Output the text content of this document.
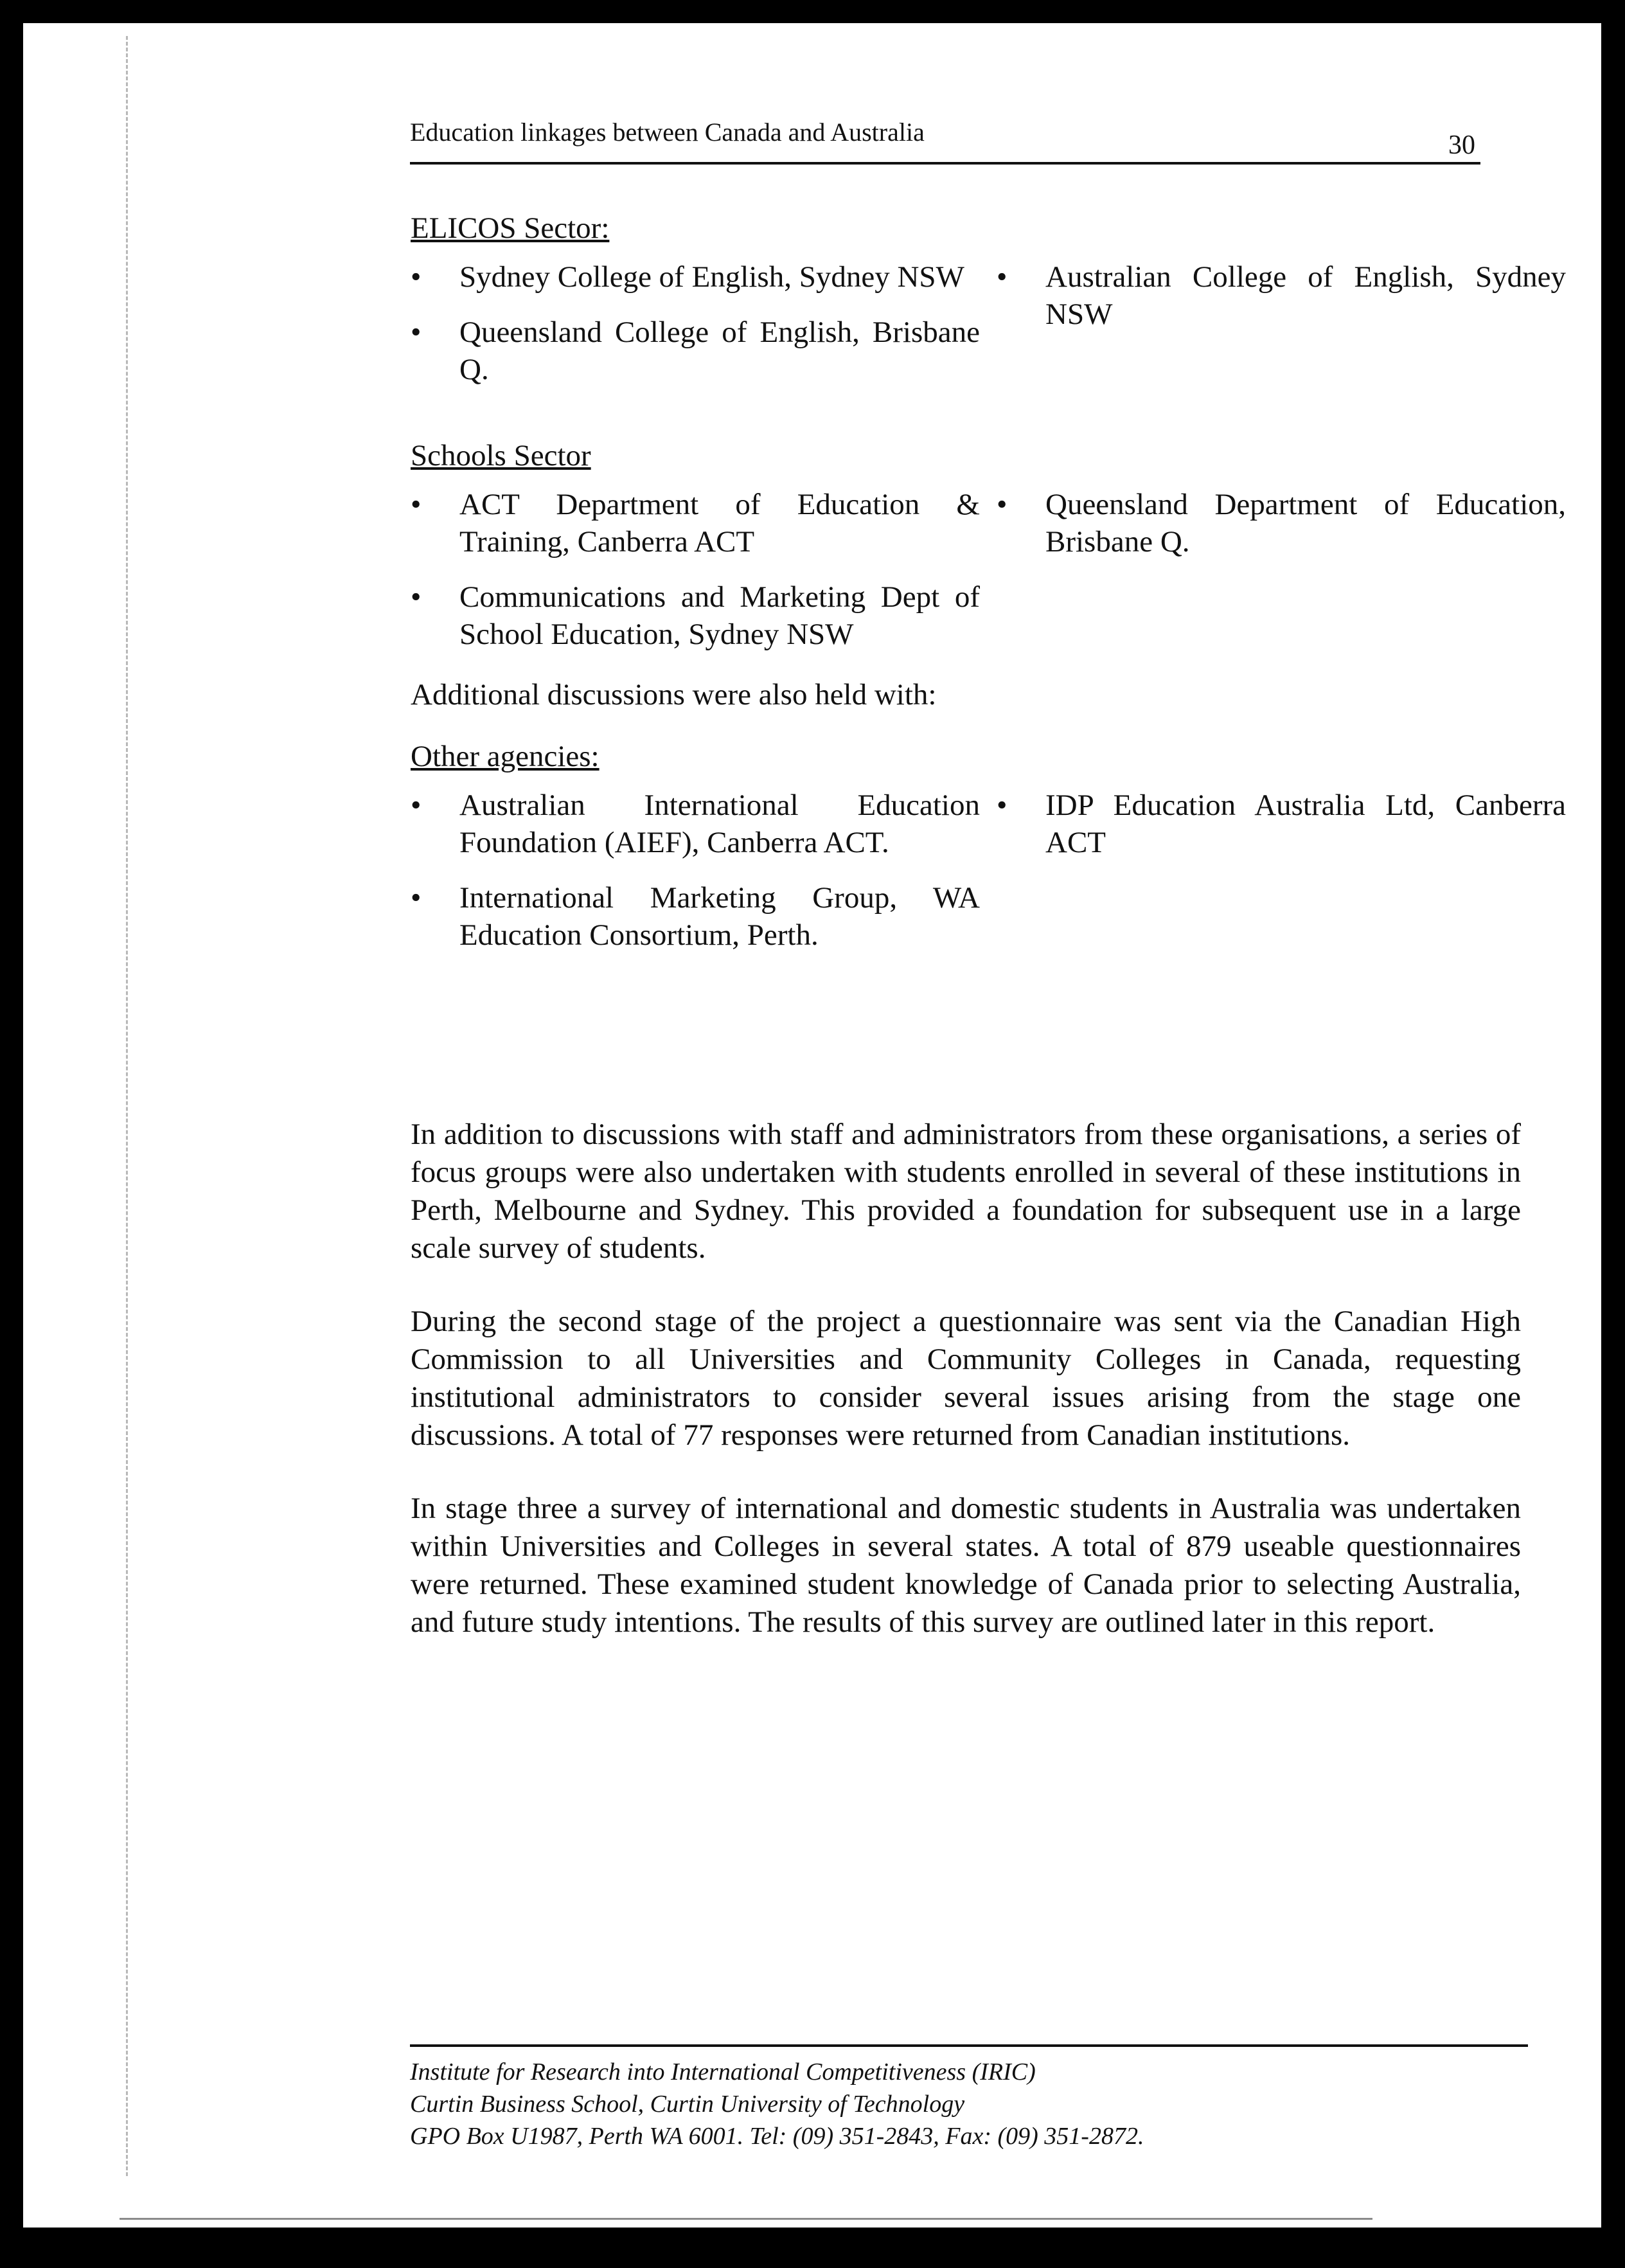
Education linkages between Canada and Australia	30
ELICOS Sector:
•	Sydney College of English, Sydney NSW
•	Queensland College of English, Brisbane Q.
•	Australian College of English, Sydney NSW
Schools Sector
•	ACT Department of Education & Training, Canberra ACT
•	Communications and Marketing Dept of School Education, Sydney NSW
•	Queensland Department of Education, Brisbane Q.
Additional discussions were also held with:
Other agencies:
•	Australian International Education Foundation (AIEF), Canberra ACT.
•	International Marketing Group, WA Education Consortium, Perth.
•	IDP Education Australia Ltd, Canberra ACT

In addition to discussions with staff and administrators from these organisations, a series of focus groups were also undertaken with students enrolled in several of these institutions in Perth, Melbourne and Sydney. This provided a foundation for subsequent use in a large scale survey of students.

During the second stage of the project a questionnaire was sent via the Canadian High Commission to all Universities and Community Colleges in Canada, requesting institutional administrators to consider several issues arising from the stage one discussions. A total of 77 responses were returned from Canadian institutions.

In stage three a survey of international and domestic students in Australia was undertaken within Universities and Colleges in several states. A total of 879 useable questionnaires were returned. These examined student knowledge of Canada prior to selecting Australia, and future study intentions. The results of this survey are outlined later in this report.

Institute for Research into International Competitiveness (IRIC)
Curtin Business School, Curtin University of Technology
GPO Box U1987, Perth WA 6001. Tel: (09) 351-2843, Fax: (09) 351-2872.
